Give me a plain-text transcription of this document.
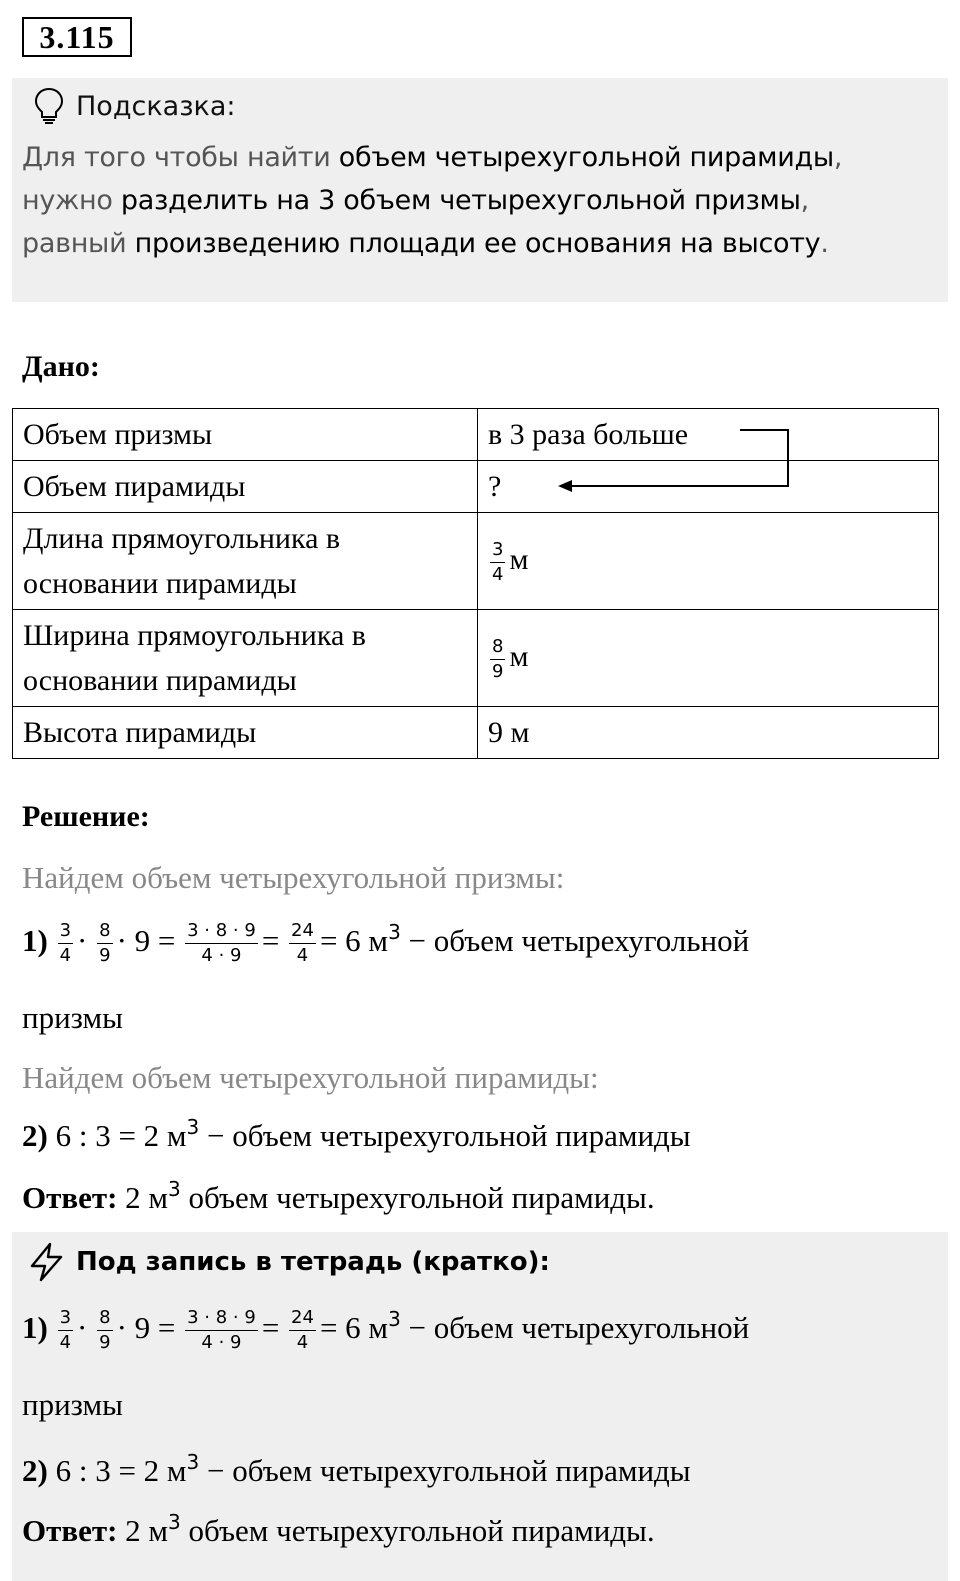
3.115
Подсказка:
Для того чтобы найти объем четырехугольной пирамиды,
нужно разделить на 3 объем четырехугольной призмы,
равный произведению площади ее основания на высоту.
Дано:
Объем призмы	в 3 раза больше
Объем пирамиды	?
Длина прямоугольника в основании пирамиды	$\frac{3}{4}$ м
Ширина прямоугольника в основании пирамиды	$\frac{8}{9}$ м
Высота пирамиды	9 м
Решение:
Найдем объем четырехугольной призмы:
$1) \frac{3}{4} \cdot \frac{8}{9} \cdot 9 = \frac{3 \cdot 8 \cdot 9}{4 \cdot 9} = \frac{24}{4} = 6$ $м^3$ − объем четырехугольной
призмы
Найдем объем четырехугольной пирамиды:
2) 6 : 3 = 2 $м^3$ − объем четырехугольной пирамиды
Ответ: 2 $м^3$ объем четырехугольной пирамиды.
Под запись в тетрадь (кратко):
$1) \frac{3}{4} \cdot \frac{8}{9} \cdot 9 = \frac{3 \cdot 8 \cdot 9}{4 \cdot 9} = \frac{24}{4} = 6$ $м^3$ − объем четырехугольной
призмы
2) 6 : 3 = 2 $м^3$ − объем четырехугольной пирамиды
Ответ: 2 $м^3$ объем четырехугольной пирамиды.
